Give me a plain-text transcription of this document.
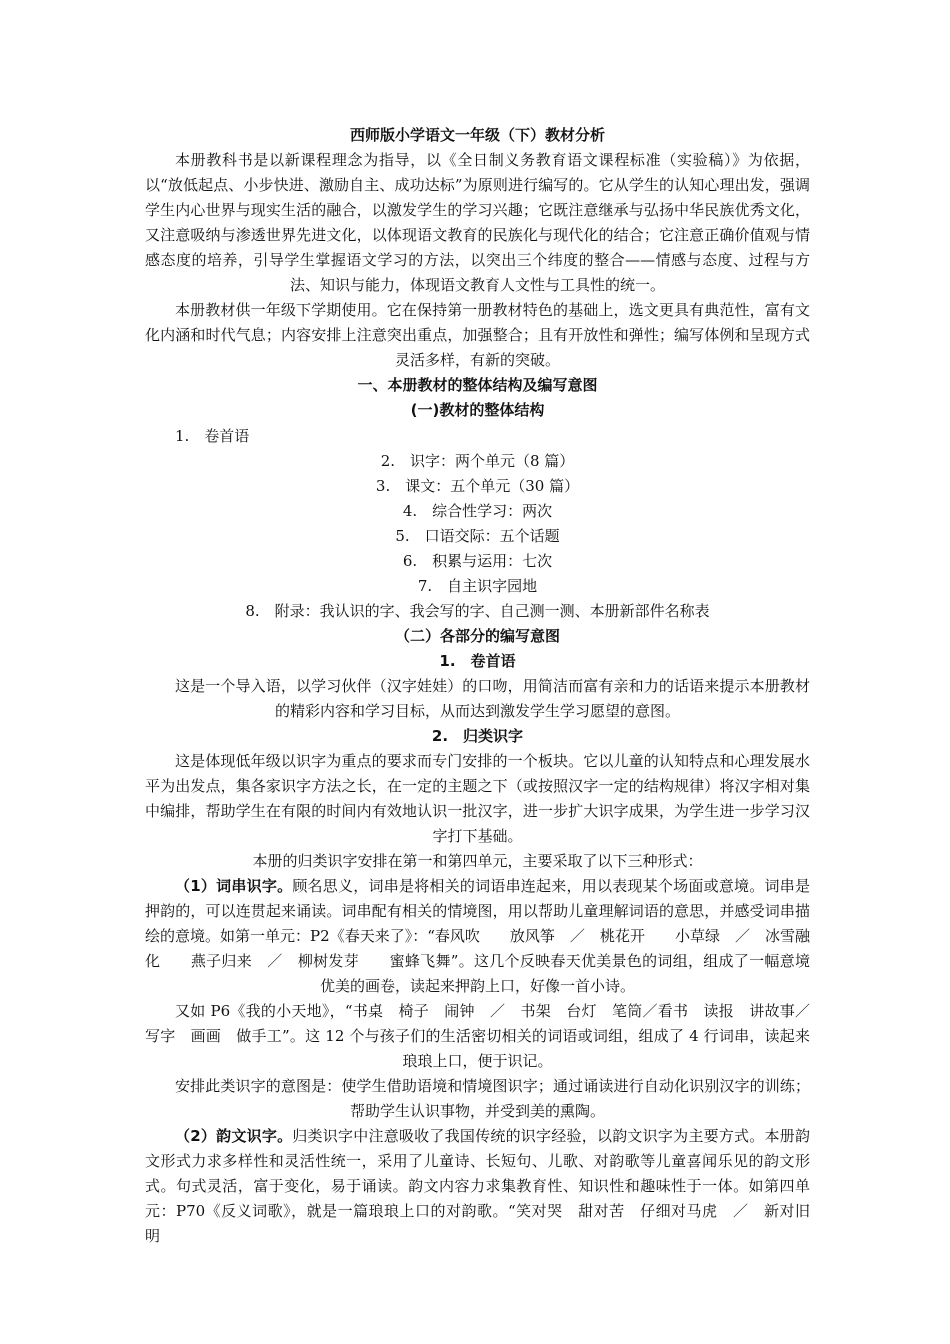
西师版小学语文一年级（下）教材分析
本册教科书是以新课程理念为指导，以《全日制义务教育语文课程标准（实验稿）》为依据，以“放低起点、小步快进、激励自主、成功达标”为原则进行编写的。它从学生的认知心理出发，强调学生内心世界与现实生活的融合，以激发学生的学习兴趣；它既注意继承与弘扬中华民族优秀文化，又注意吸纳与渗透世界先进文化，以体现语文教育的民族化与现代化的结合；它注意正确价值观与情感态度的培养，引导学生掌握语文学习的方法，以突出三个纬度的整合——情感与态度、过程与方法、知识与能力，体现语文教育人文性与工具性的统一。
本册教材供一年级下学期使用。它在保持第一册教材特色的基础上，选文更具有典范性，富有文化内涵和时代气息；内容安排上注意突出重点，加强整合；且有开放性和弹性；编写体例和呈现方式灵活多样，有新的突破。
一、本册教材的整体结构及编写意图
(一)教材的整体结构
1.　卷首语
2.　识字：两个单元（8 篇）
3.　课文：五个单元（30 篇）
4.　综合性学习：两次
5.　口语交际：五个话题
6.　积累与运用：七次
7.　自主识字园地
8.　附录：我认识的字、我会写的字、自己测一测、本册新部件名称表
（二）各部分的编写意图
1.　卷首语
这是一个导入语，以学习伙伴（汉字娃娃）的口吻，用简洁而富有亲和力的话语来提示本册教材的精彩内容和学习目标，从而达到激发学生学习愿望的意图。
2.　归类识字
这是体现低年级以识字为重点的要求而专门安排的一个板块。它以儿童的认知特点和心理发展水平为出发点，集各家识字方法之长，在一定的主题之下（或按照汉字一定的结构规律）将汉字相对集中编排，帮助学生在有限的时间内有效地认识一批汉字，进一步扩大识字成果，为学生进一步学习汉字打下基础。
本册的归类识字安排在第一和第四单元，主要采取了以下三种形式：
（1）词串识字。顾名思义，词串是将相关的词语串连起来，用以表现某个场面或意境。词串是押韵的，可以连贯起来诵读。词串配有相关的情境图，用以帮助儿童理解词语的意思，并感受词串描绘的意境。如第一单元：P2《春天来了》：“春风吹　　放风筝　／　桃花开　　小草绿　／　冰雪融化　　燕子归来　／　柳树发芽　　蜜蜂飞舞”。这几个反映春天优美景色的词组，组成了一幅意境优美的画卷，读起来押韵上口，好像一首小诗。
又如 P6《我的小天地》，“书桌　椅子　闹钟　／　书架　台灯　笔筒／看书　读报　讲故事／写字　画画　做手工”。这 12 个与孩子们的生活密切相关的词语或词组，组成了 4 行词串，读起来琅琅上口，便于识记。
安排此类识字的意图是：使学生借助语境和情境图识字；通过诵读进行自动化识别汉字的训练；帮助学生认识事物，并受到美的熏陶。
（2）韵文识字。归类识字中注意吸收了我国传统的识字经验，以韵文识字为主要方式。本册韵文形式力求多样性和灵活性统一，采用了儿童诗、长短句、儿歌、对韵歌等儿童喜闻乐见的韵文形式。句式灵活，富于变化，易于诵读。韵文内容力求集教育性、知识性和趣味性于一体。如第四单元：P70《反义词歌》，就是一篇琅琅上口的对韵歌。“笑对哭　甜对苦　仔细对马虎　／　新对旧　明
